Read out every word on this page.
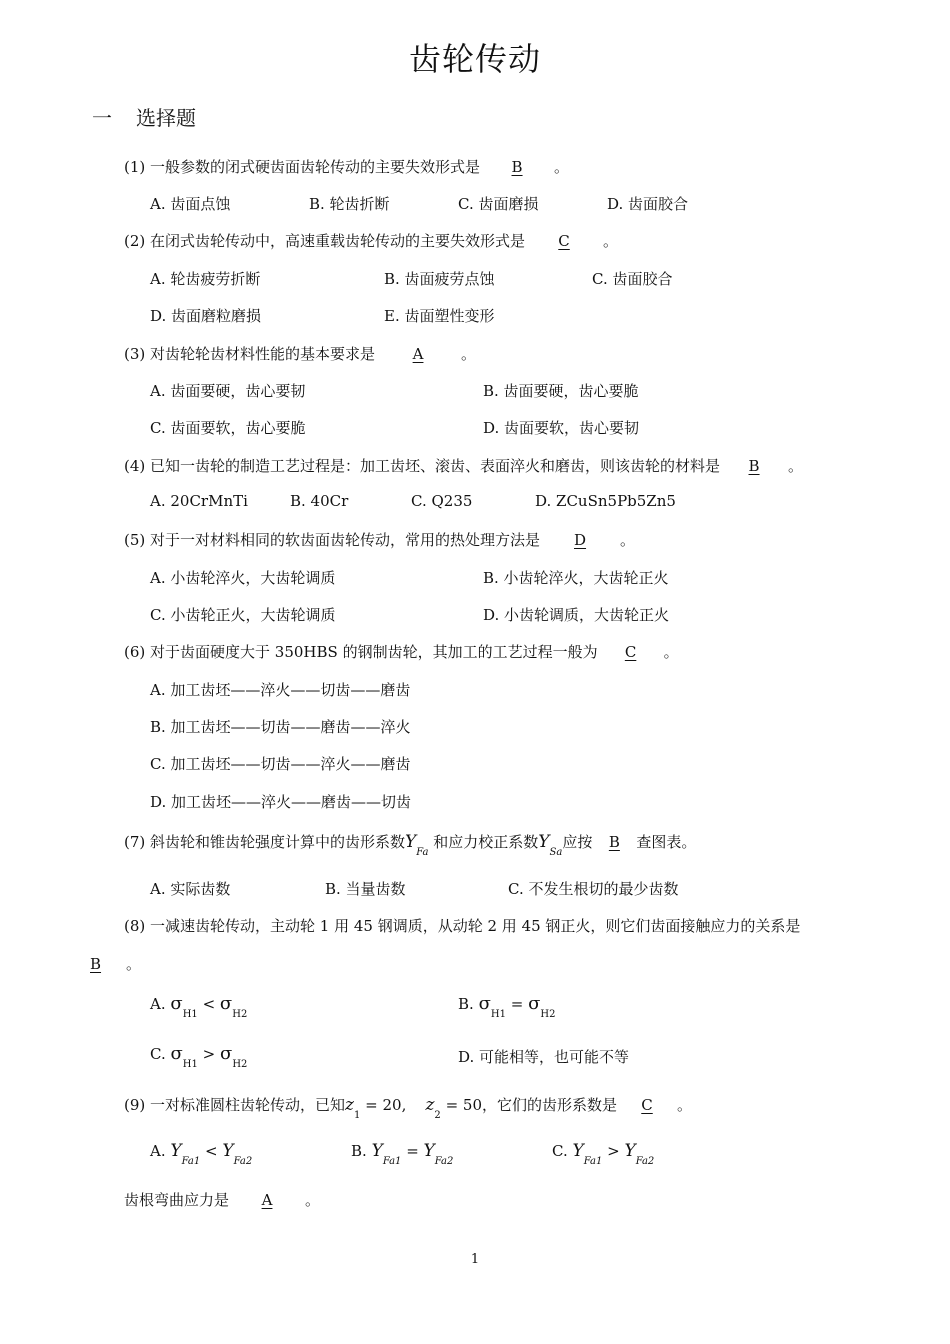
齿轮传动
一 选择题
(1) 一般参数的闭式硬齿面齿轮传动的主要失效形式是 B 。
A. 齿面点蚀	B. 轮齿折断	C. 齿面磨损	D. 齿面胶合
(2) 在闭式齿轮传动中，高速重载齿轮传动的主要失效形式是 C 。
A. 轮齿疲劳折断	B. 齿面疲劳点蚀	C. 齿面胶合
D. 齿面磨粒磨损	E. 齿面塑性变形
(3) 对齿轮轮齿材料性能的基本要求是	A	。
A. 齿面要硬，齿心要韧	B. 齿面要硬，齿心要脆
C. 齿面要软，齿心要脆	D. 齿面要软，齿心要韧
(4) 已知一齿轮的制造工艺过程是：加工齿坯、滚齿、表面淬火和磨齿，则该齿轮的材料是 B 。
A. 20CrMnTi	B. 40Cr	C. Q235	D. ZCuSn5Pb5Zn5
(5) 对于一对材料相同的软齿面齿轮传动，常用的热处理方法是 D 。
A. 小齿轮淬火，大齿轮调质	B. 小齿轮淬火，大齿轮正火
C. 小齿轮正火，大齿轮调质	D. 小齿轮调质，大齿轮正火
(6) 对于齿面硬度大于 350HBS 的钢制齿轮，其加工的工艺过程一般为 C 。
A. 加工齿坯——淬火——切齿——磨齿
B. 加工齿坯——切齿——磨齿——淬火
C. 加工齿坯——切齿——淬火——磨齿
D. 加工齿坯——淬火——磨齿——切齿
(7) 斜齿轮和锥齿轮强度计算中的齿形系数$Y_{Fa}$ 和应力校正系数$Y_{Sa}$应按 B 查图表。
A. 实际齿数	B. 当量齿数	C. 不发生根切的最少齿数
(8) 一减速齿轮传动，主动轮 1 用 45 钢调质，从动轮 2 用 45 钢正火，则它们齿面接触应力的关系是
B 。
A. $\sigma_{H1} < \sigma_{H2}$
B. $\sigma_{H1} = \sigma_{H2}$
C. $\sigma_{H1} > \sigma_{H2}$	D. 可能相等，也可能不等
(9) 一对标准圆柱齿轮传动，已知$z_1 = 20$, $z_2 = 50$，它们的齿形系数是 C 。
A. $Y_{Fa1} < Y_{Fa2}$
B. $Y_{Fa1} = Y_{Fa2}$
C. $Y_{Fa1} > Y_{Fa2}$
齿根弯曲应力是 A 。
1
